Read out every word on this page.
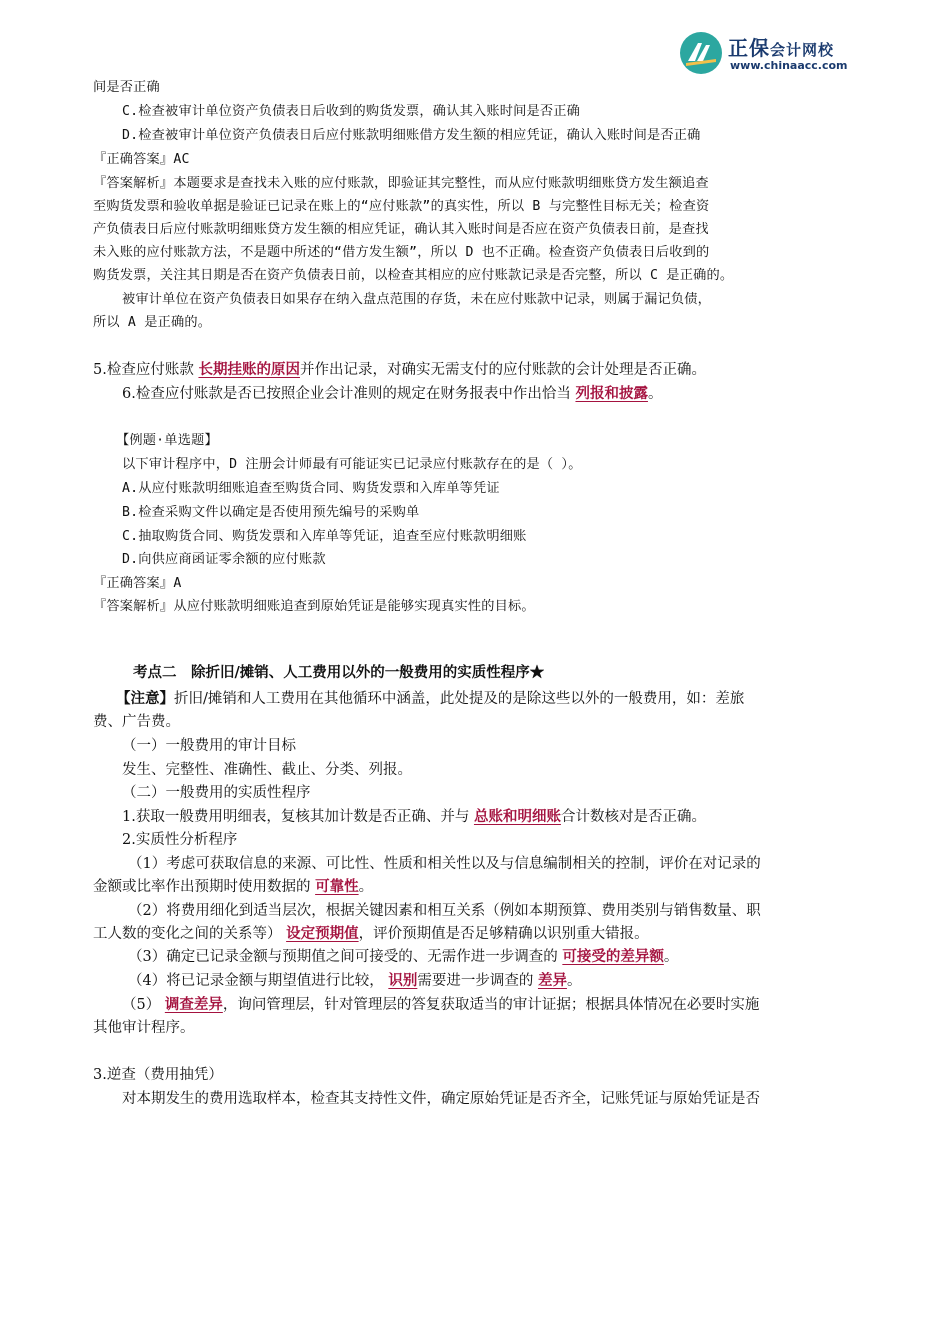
正保会计网校
www.chinaacc.com
间是否正确
C.检查被审计单位资产负债表日后收到的购货发票，确认其入账时间是否正确
D.检查被审计单位资产负债表日后应付账款明细账借方发生额的相应凭证，确认入账时间是否正确
『正确答案』AC
『答案解析』本题要求是查找未入账的应付账款，即验证其完整性，而从应付账款明细账贷方发生额追查
至购货发票和验收单据是验证已记录在账上的“应付账款”的真实性，所以 B 与完整性目标无关；检查资
产负债表日后应付账款明细账贷方发生额的相应凭证，确认其入账时间是否应在资产负债表日前，是查找
未入账的应付账款方法，不是题中所述的“借方发生额”，所以 D 也不正确。检查资产负债表日后收到的
购货发票，关注其日期是否在资产负债表日前，以检查其相应的应付账款记录是否完整，所以 C 是正确的。
被审计单位在资产负债表日如果存在纳入盘点范围的存货，未在应付账款中记录，则属于漏记负债，
所以 A 是正确的。
5.检查应付账款 长期挂账的原因并作出记录，对确实无需支付的应付账款的会计处理是否正确。
6.检查应付账款是否已按照企业会计准则的规定在财务报表中作出恰当 列报和披露。
【例题·单选题】
以下审计程序中，D 注册会计师最有可能证实已记录应付账款存在的是（ ）。
A.从应付账款明细账追查至购货合同、购货发票和入库单等凭证
B.检查采购文件以确定是否使用预先编号的采购单
C.抽取购货合同、购货发票和入库单等凭证，追查至应付账款明细账
D.向供应商函证零余额的应付账款
『正确答案』A
『答案解析』从应付账款明细账追查到原始凭证是能够实现真实性的目标。
考点二　除折旧/摊销、人工费用以外的一般费用的实质性程序★
【注意】折旧/摊销和人工费用在其他循环中涵盖，此处提及的是除这些以外的一般费用，如：差旅
费、广告费。
（一）一般费用的审计目标
发生、完整性、准确性、截止、分类、列报。
（二）一般费用的实质性程序
1.获取一般费用明细表，复核其加计数是否正确、并与 总账和明细账合计数核对是否正确。
2.实质性分析程序
（1）考虑可获取信息的来源、可比性、性质和相关性以及与信息编制相关的控制，评价在对记录的
金额或比率作出预期时使用数据的 可靠性。
（2）将费用细化到适当层次，根据关键因素和相互关系（例如本期预算、费用类别与销售数量、职
工人数的变化之间的关系等） 设定预期值，评价预期值是否足够精确以识别重大错报。
（3）确定已记录金额与预期值之间可接受的、无需作进一步调查的 可接受的差异额。
（4）将已记录金额与期望值进行比较， 识别需要进一步调查的 差异。
（5） 调查差异，询问管理层，针对管理层的答复获取适当的审计证据；根据具体情况在必要时实施
其他审计程序。
3.逆查（费用抽凭）
对本期发生的费用选取样本，检查其支持性文件，确定原始凭证是否齐全，记账凭证与原始凭证是否
